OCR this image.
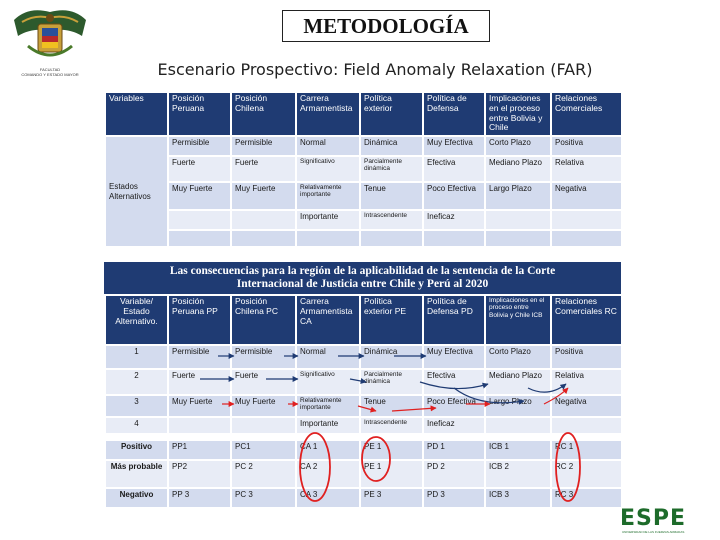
FACULTAD
COMANDO Y ESTADO MAYOR
METODOLOGÍA
Escenario Prospectivo: Field Anomaly Relaxation (FAR)
Variables	Posición Peruana	Posición Chilena	Carrera Armamentista	Política exterior	Política de Defensa	Implicaciones en el proceso entre Bolivia y Chile	Relaciones Comerciales
Estados Alternativos	Permisible	Permisible	Normal	Dinámica	Muy Efectiva	Corto Plazo	Positiva
	Fuerte	Fuerte	Significativo	Parcialmente dinámica	Efectiva	Mediano Plazo	Relativa
	Muy Fuerte	Muy Fuerte	Relativamente importante	Tenue	Poco Efectiva	Largo Plazo	Negativa
			Importante	Intrascendente	Ineficaz		

Las consecuencias para la región de la aplicabilidad de la sentencia de la Corte
Internacional de Justicia entre Chile y Perú al 2020
Variable/ Estado Alternativo.	Posición Peruana PP	Posición Chilena PC	Carrera Armamentista CA	Política exterior PE	Política de Defensa PD	Implicaciones en el proceso entre Bolivia y Chile ICB	Relaciones Comerciales RC
1	Permisible	Permisible	Normal	Dinámica	Muy Efectiva	Corto Plazo	Positiva
2	Fuerte	Fuerte	Significativo	Parcialmente dinámica	Efectiva	Mediano Plazo	Relativa
3	Muy Fuerte	Muy Fuerte	Relativamente importante	Tenue	Poco Efectiva	Largo Plazo	Negativa
4			Importante	Intrascendente	Ineficaz		

Positivo	PP1	PC1	CA 1	PE 1	PD 1	ICB 1	RC 1
Más probable	PP2	PC 2	CA 2	PE 1	PD 2	ICB 2	RC 2
Negativo	PP 3	PC 3	CA 3	PE 3	PD 3	ICB 3	RC 3
ESPE
UNIVERSIDAD DE LAS FUERZAS ARMADAS
